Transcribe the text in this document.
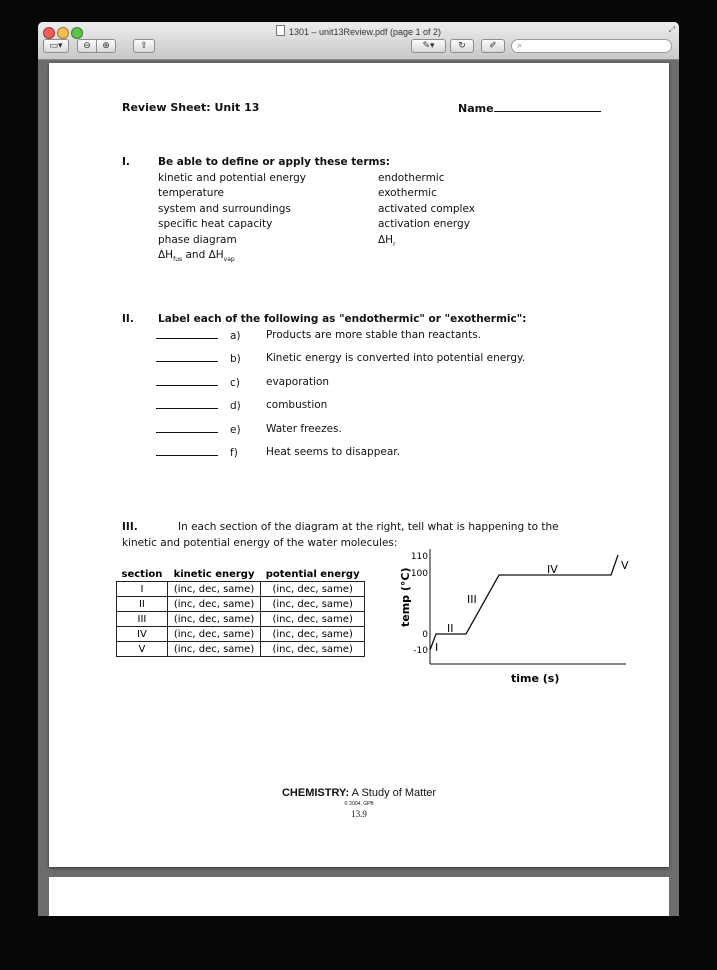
1301 – unit13Review.pdf (page 1 of 2)	⤢
▭▾ ⊖ ⊕	⇪	✎▾	↻	✐	⌕
Review Sheet: Unit 13	Name
I.	Be able to define or apply these terms:
kinetic and potential energy
temperature
system and surroundings
specific heat capacity
phase diagram
$\Delta H_{fus}$ and $\Delta H_{vap}$
endothermic
exothermic
activated complex
activation energy
$\Delta H_r$
II. Label each of the following as "endothermic" or "exothermic":
a) Products are more stable than reactants.
b) Kinetic energy is converted into potential energy.
c) evaporation
d) combustion
e) Water freezes.
f)	Heat seems to disappear.
III.	In each section of the diagram at the right, tell what is happening to the
kinetic and potential energy of the water molecules:
section	kinetic energy	potential energy
I	(inc, dec, same)	(inc, dec, same)
II	(inc, dec, same)	(inc, dec, same)
III	(inc, dec, same)	(inc, dec, same)
IV	(inc, dec, same)	(inc, dec, same)
V	(inc, dec, same)	(inc, dec, same)
110
100
0
-10 I
II
III
IV	V
temp (°C)
time (s)
CHEMISTRY: A Study of Matter
© 2004, GPB
13.9
